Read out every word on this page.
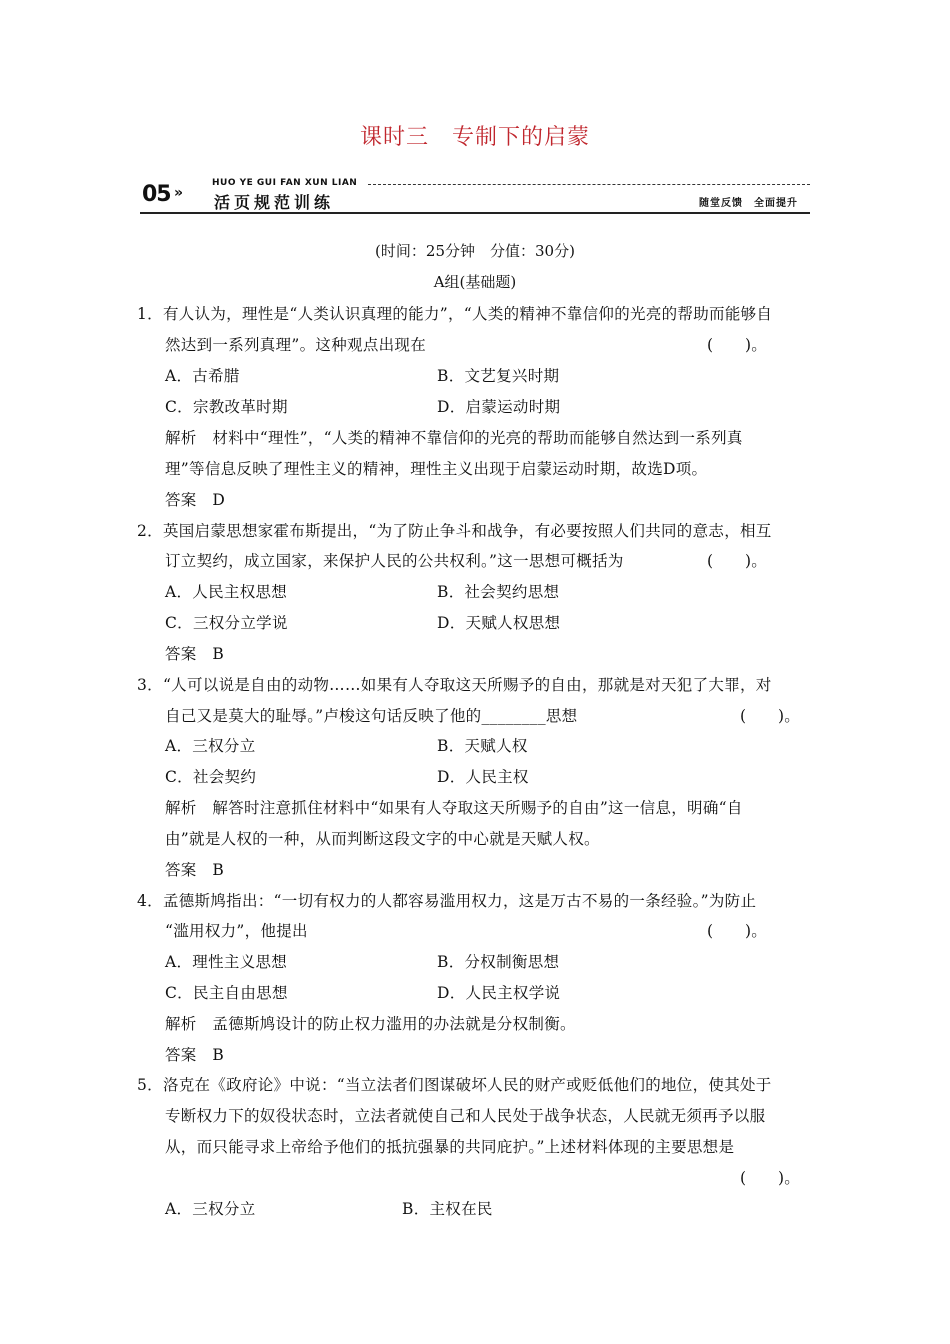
课时三　专制下的启蒙
05 »
HUO YE GUI FAN XUN LIAN
活页规范训练	随堂反馈　全面提升
(时间：25分钟　分值：30分)
A组(基础题)
1．有人认为，理性是“人类认识真理的能力”，“人类的精神不靠信仰的光亮的帮助而能够自
然达到一系列真理”。这种观点出现在	(　　)。
A．古希腊	B．文艺复兴时期
C．宗教改革时期	D．启蒙运动时期
解析　材料中“理性”，“人类的精神不靠信仰的光亮的帮助而能够自然达到一系列真
理”等信息反映了理性主义的精神，理性主义出现于启蒙运动时期，故选D项。
答案　D
2．英国启蒙思想家霍布斯提出，“为了防止争斗和战争，有必要按照人们共同的意志，相互
订立契约，成立国家，来保护人民的公共权利。”这一思想可概括为	(　　)。
A．人民主权思想	B．社会契约思想
C．三权分立学说	D．天赋人权思想
答案　B
3．“人可以说是自由的动物……如果有人夺取这天所赐予的自由，那就是对天犯了大罪，对
自己又是莫大的耻辱。”卢梭这句话反映了他的________思想	(　　)。
A．三权分立	B．天赋人权
C．社会契约	D．人民主权
解析　解答时注意抓住材料中“如果有人夺取这天所赐予的自由”这一信息，明确“自
由”就是人权的一种，从而判断这段文字的中心就是天赋人权。
答案　B
4．孟德斯鸠指出：“一切有权力的人都容易滥用权力，这是万古不易的一条经验。”为防止
“滥用权力”，他提出	(　　)。
A．理性主义思想	B．分权制衡思想
C．民主自由思想	D．人民主权学说
解析　孟德斯鸠设计的防止权力滥用的办法就是分权制衡。
答案　B
5．洛克在《政府论》中说：“当立法者们图谋破坏人民的财产或贬低他们的地位，使其处于
专断权力下的奴役状态时，立法者就使自己和人民处于战争状态，人民就无须再予以服
从，而只能寻求上帝给予他们的抵抗强暴的共同庇护。”上述材料体现的主要思想是
(　　)。
A．三权分立	B．主权在民
